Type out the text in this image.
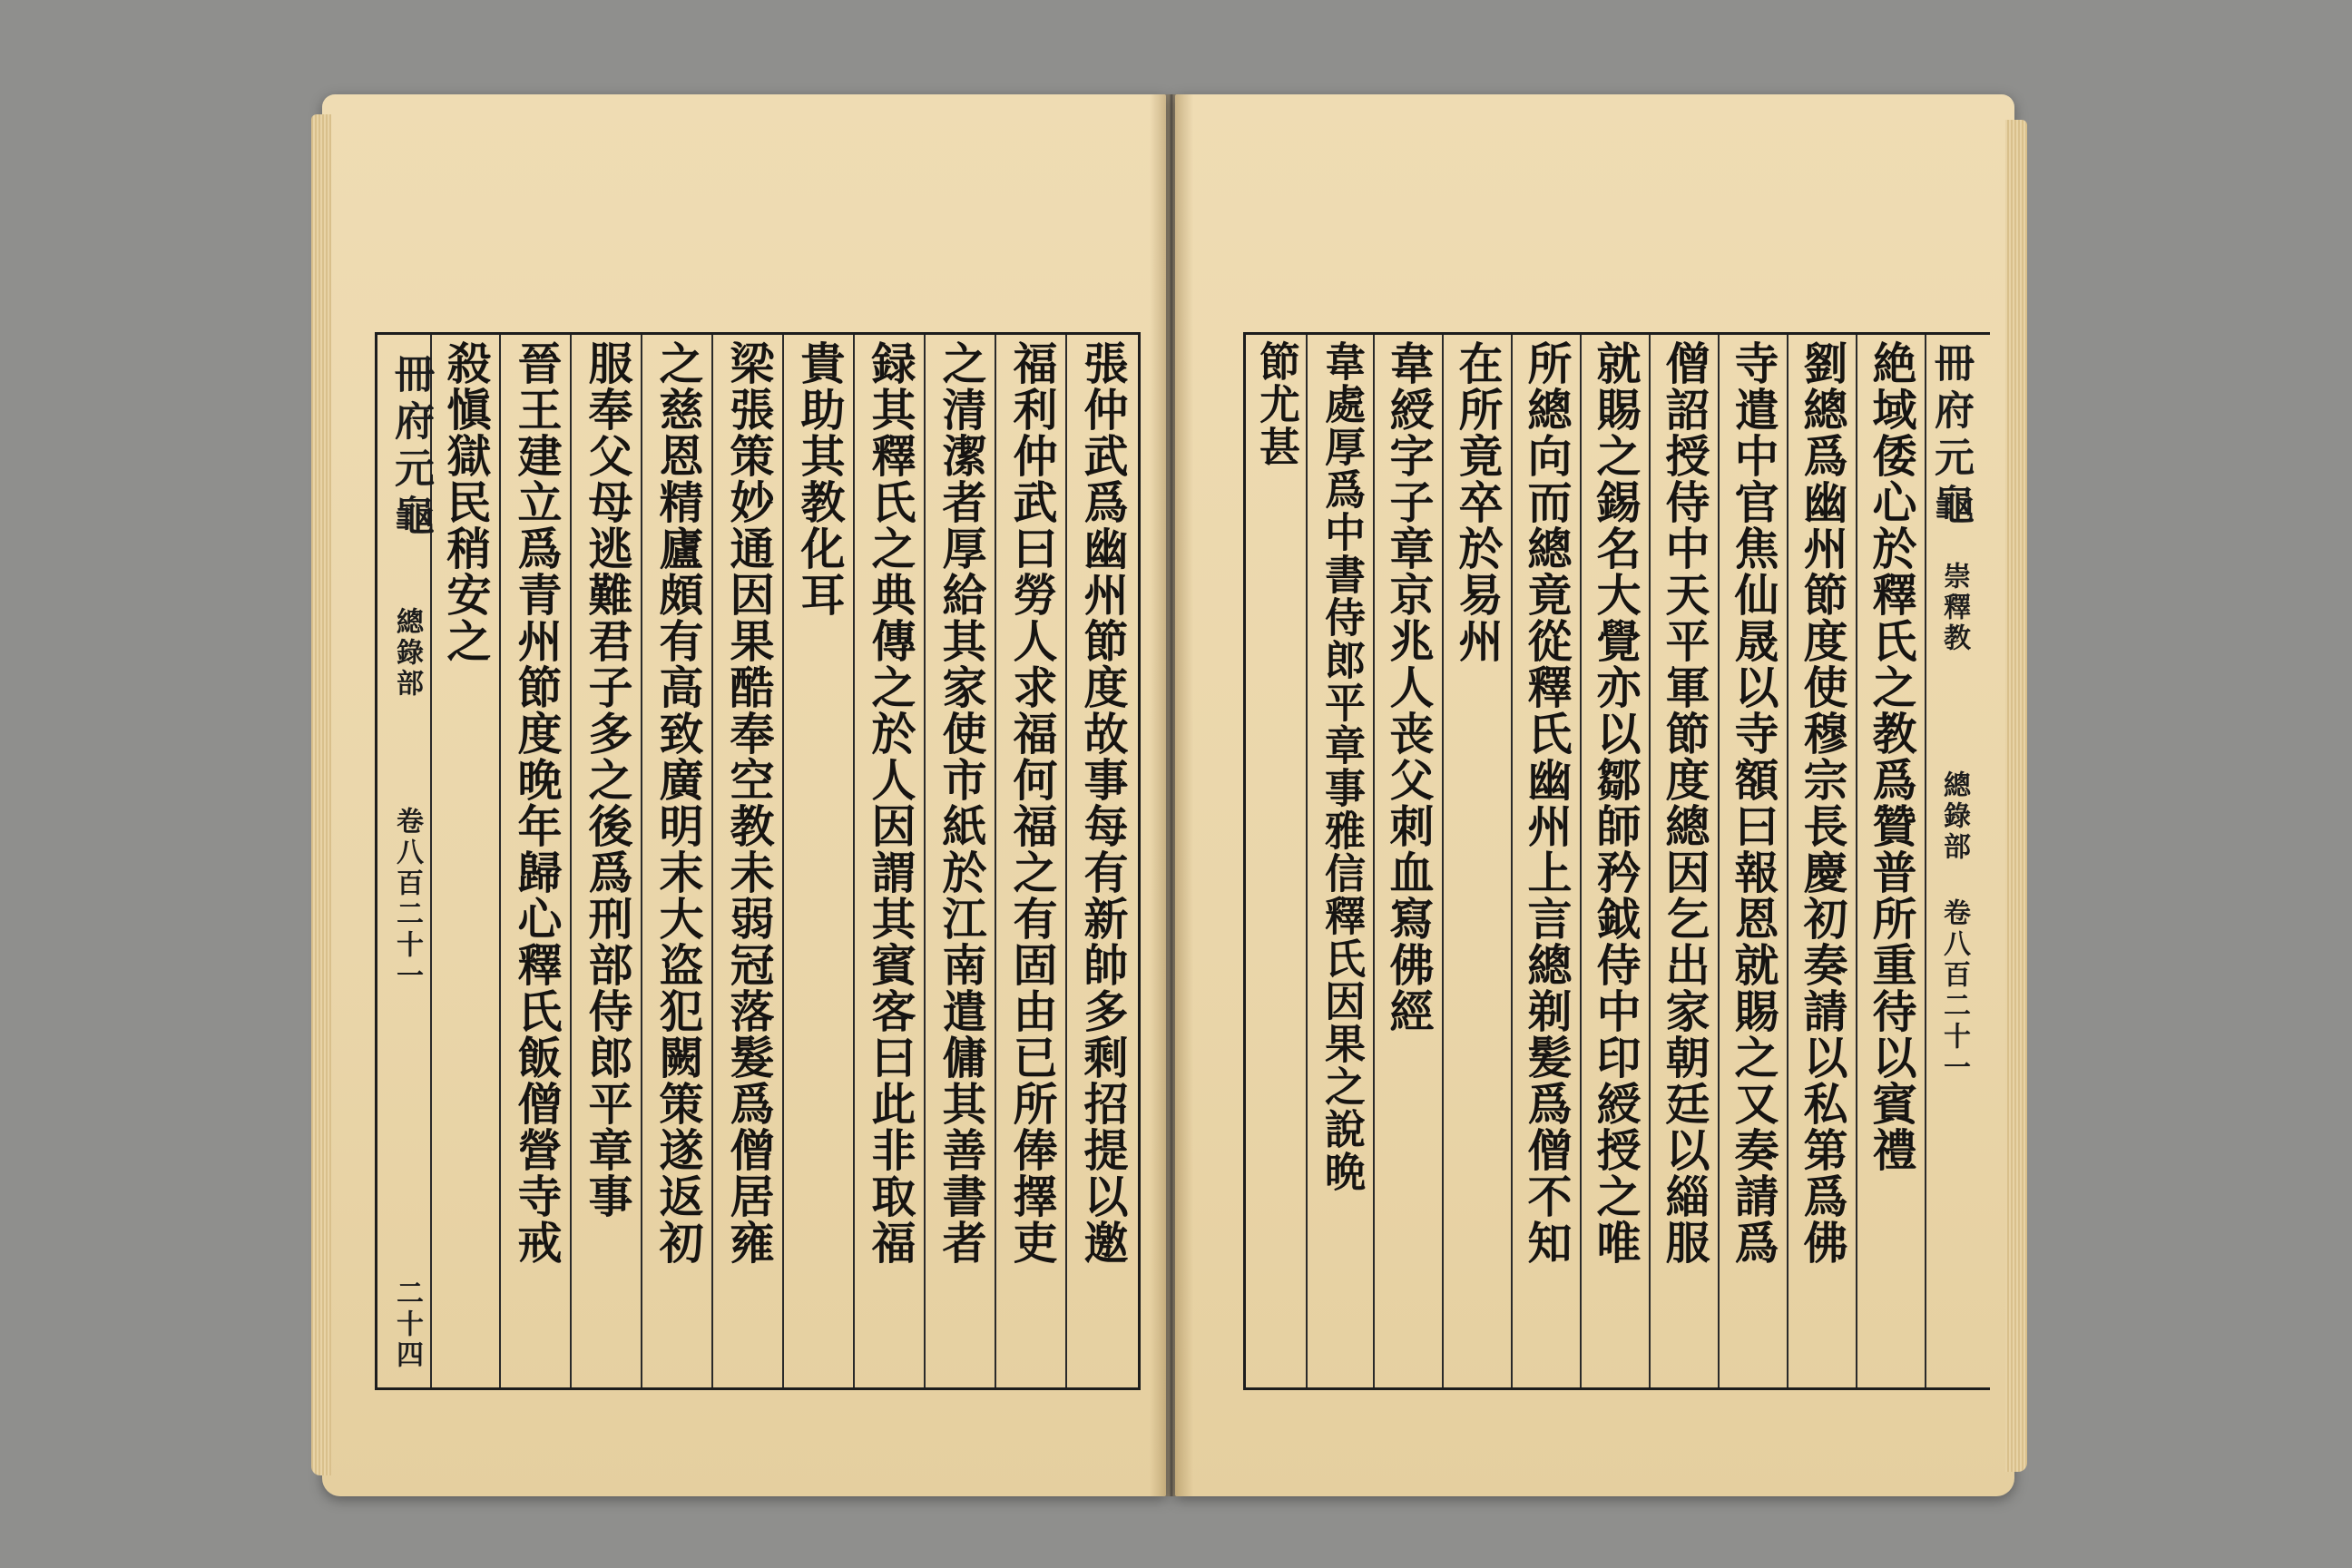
冊府元龜
總錄部
卷八百二十一
二十四
張仲武爲幽州節度故事每有新帥多剩招提以邀
福利仲武曰勞人求福何福之有固由已所俸擇吏
之清潔者厚給其家使市紙於江南遣傭其善書者
録其釋氏之典傳之於人因謂其賓客曰此非取福
貴助其教化耳
梁張策妙通因果酷奉空教未弱冠落髮爲僧居雍
之慈恩精廬頗有高致廣明末大盗犯闕策遂返初
服奉父母逃難君子多之後爲刑部侍郎平章事
晉王建立爲青州節度晚年歸心釋氏飯僧營寺戒
殺愼獄民稍安之	冊府元龜
崇釋教
總錄部 卷八百二十一
絶域倭心於釋氏之教爲贊普所重待以賓禮
劉總爲幽州節度使穆宗長慶初奏請以私第爲佛
寺遣中官焦仙晟以寺額曰報恩就賜之又奏請爲
僧詔授侍中天平軍節度總因乞出家朝廷以緇服
就賜之錫名大覺亦以鄒師矜鉞侍中印綬授之唯
所總向而總竟從釋氏幽州上言總剃髪爲僧不知
在所竟卒於易州
韋綬字子章京兆人丧父刺血寫佛經
韋處厚爲中書侍郎平章事雅信釋氏因果之說晩
節尤甚
